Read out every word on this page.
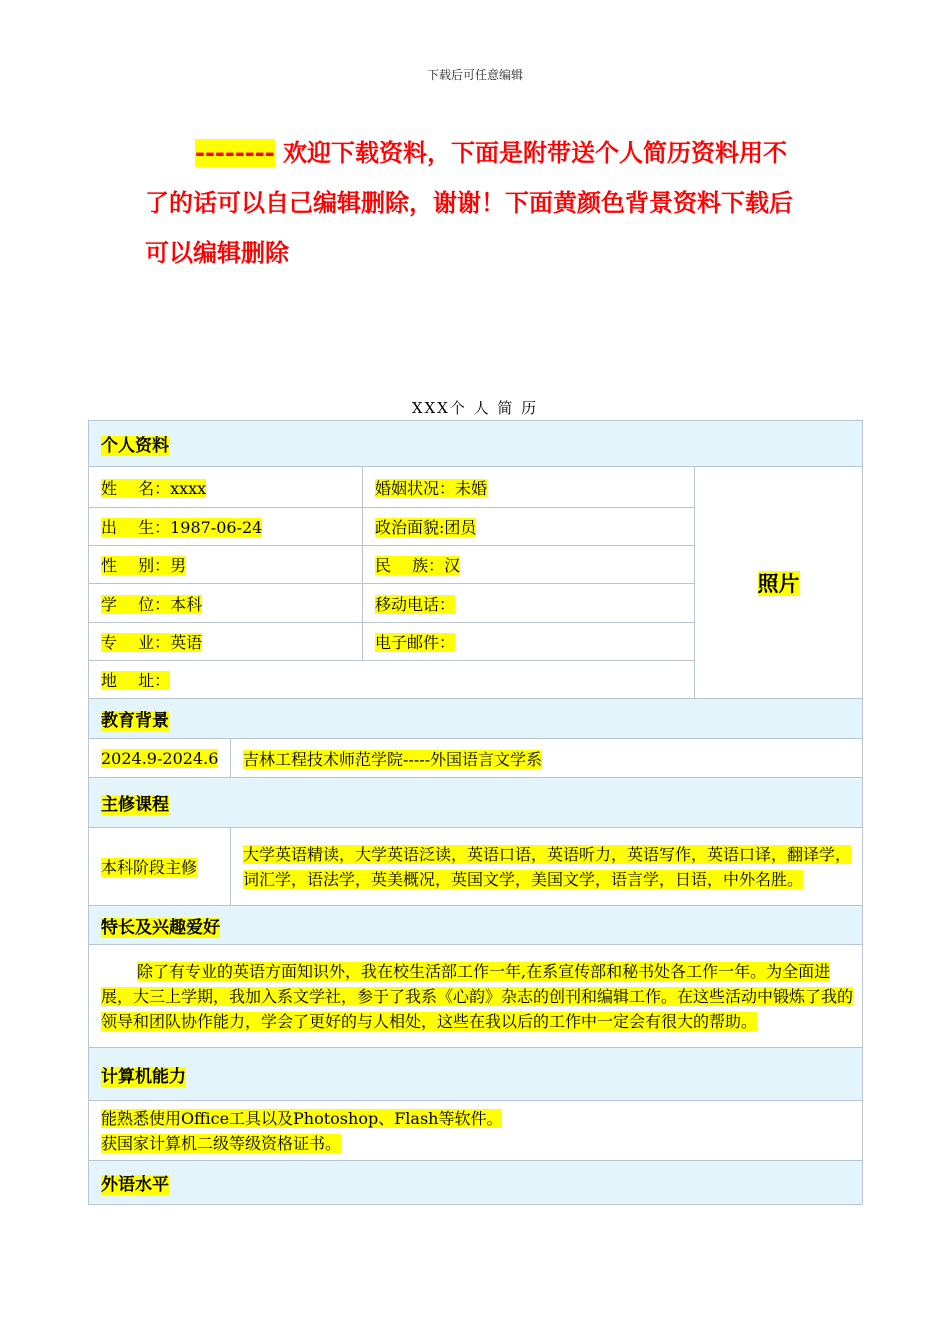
下载后可任意编辑
-------- 欢迎下载资料，下面是附带送个人简历资料用不了的话可以自己编辑删除，谢谢！下面黄颜色背景资料下载后可以编辑删除
XXX个 人 简 历
个人资料			
姓　 名：xxxx		婚姻状况：未婚	照片
出　 生：1987-06-24		政治面貌:团员	
性　 别：男		民　 族：汉	
学　 位：本科		移动电话：	
专　 业：英语		电子邮件：	
地　 址：			
教育背景			
2024.9-2024.6	吉林工程技术师范学院-----外国语言文学系		
主修课程			
本科阶段主修	大学英语精读，大学英语泛读，英语口语，英语听力，英语写作，英语口译，翻译学，词汇学，语法学，英美概况，英国文学，美国文学，语言学，日语，中外名胜。		
特长及兴趣爱好			
除了有专业的英语方面知识外，我在校生活部工作一年,在系宣传部和秘书处各工作一年。为全面进展，大三上学期，我加入系文学社，参于了我系《心韵》杂志的创刊和编辑工作。在这些活动中锻炼了我的领导和团队协作能力，学会了更好的与人相处，这些在我以后的工作中一定会有很大的帮助。			
计算机能力			
能熟悉使用Office工具以及Photoshop、Flash等软件。
获国家计算机二级等级资格证书。			
外语水平			
